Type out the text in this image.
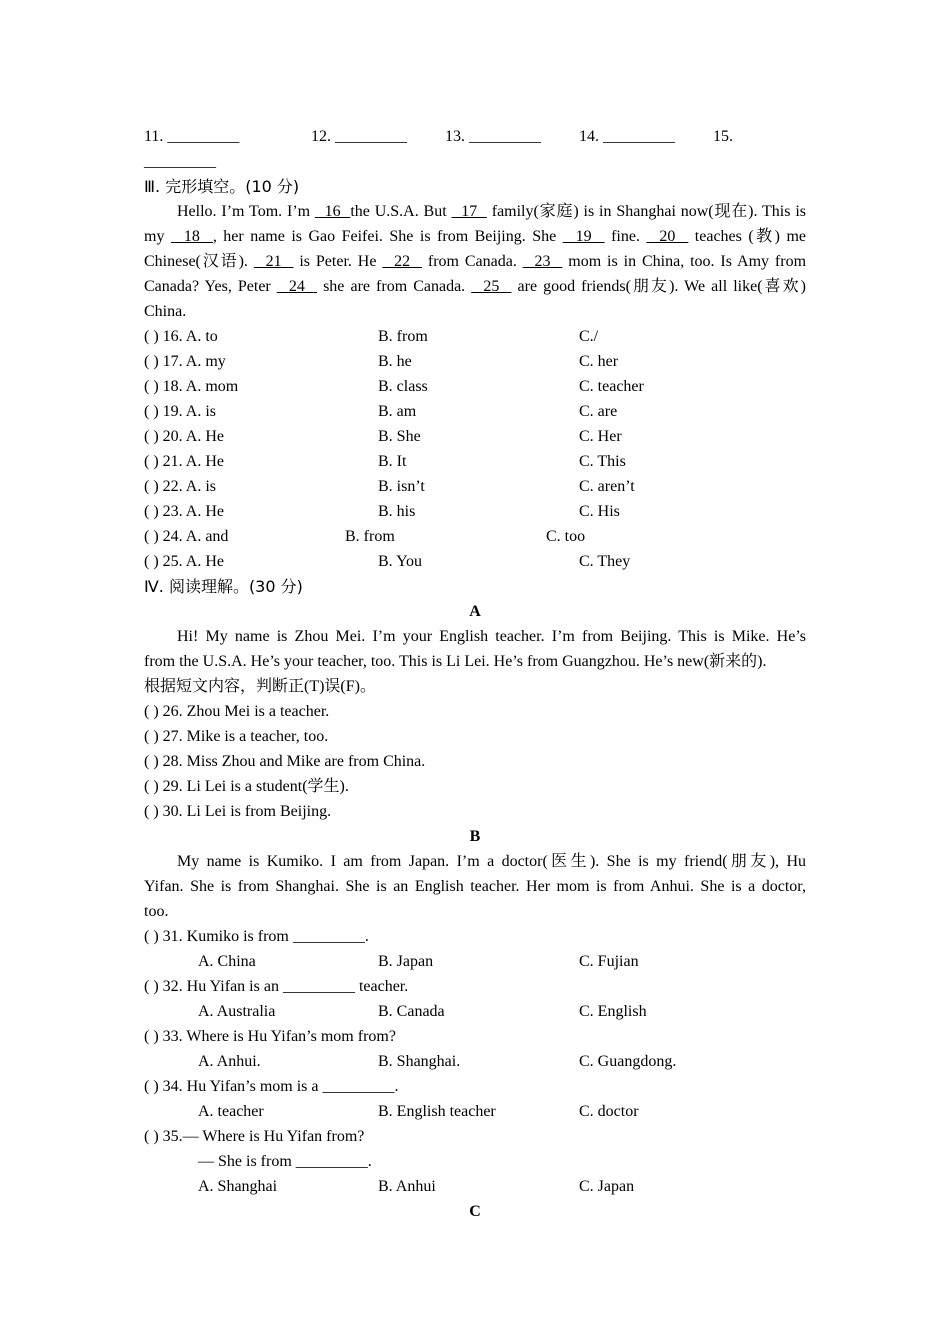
11. _________	12. _________ 13. _________ 14. _________ 15.
_________
Ⅲ. 完形填空。(10 分)
Hello. I’m Tom. I’m   16  the U.S.A. But   17   family(家庭) is in Shanghai now(现在). This is
my   18  , her name is Gao Feifei. She is from Beijing. She   19   fine.   20   teaches (教) me
Chinese(汉语).   21   is Peter. He   22   from Canada.   23   mom is in China, too. Is Amy from
Canada? Yes, Peter   24   she are from Canada.   25   are good friends(朋友). We all like(喜欢)
China.
( ) 16. A. to	B. from	C./
( ) 17. A. my	B. he	C. her
( ) 18. A. mom	B. class	C. teacher
( ) 19. A. is	B. am	C. are
( ) 20. A. He	B. She	C. Her
( ) 21. A. He	B. It	C. This
( ) 22. A. is	B. isn’t	C. aren’t
( ) 23. A. He	B. his	C. His
( ) 24. A. and	B. from	C. too
( ) 25. A. He	B. You	C. They
Ⅳ. 阅读理解。(30 分)
A
Hi! My name is Zhou Mei. I’m your English teacher. I’m from Beijing. This is Mike. He’s
from the U.S.A. He’s your teacher, too. This is Li Lei. He’s from Guangzhou. He’s new(新来的).
根据短文内容，判断正(T)误(F)。
( ) 26. Zhou Mei is a teacher.
( ) 27. Mike is a teacher, too.
( ) 28. Miss Zhou and Mike are from China.
( ) 29. Li Lei is a student(学生).
( ) 30. Li Lei is from Beijing.
B
My name is Kumiko. I am from Japan. I’m a doctor(医生). She is my friend(朋友), Hu
Yifan. She is from Shanghai. She is an English teacher. Her mom is from Anhui. She is a doctor,
too.
( ) 31. Kumiko is from _________.
A. China	B. Japan	C. Fujian
( ) 32. Hu Yifan is an _________ teacher.
A. Australia	B. Canada	C. English
( ) 33. Where is Hu Yifan’s mom from?
A. Anhui.	B. Shanghai.	C. Guangdong.
( ) 34. Hu Yifan’s mom is a _________.
A. teacher	B. English teacher	C. doctor
( ) 35.— Where is Hu Yifan from?
— She is from _________.
A. Shanghai	B. Anhui	C. Japan
C
